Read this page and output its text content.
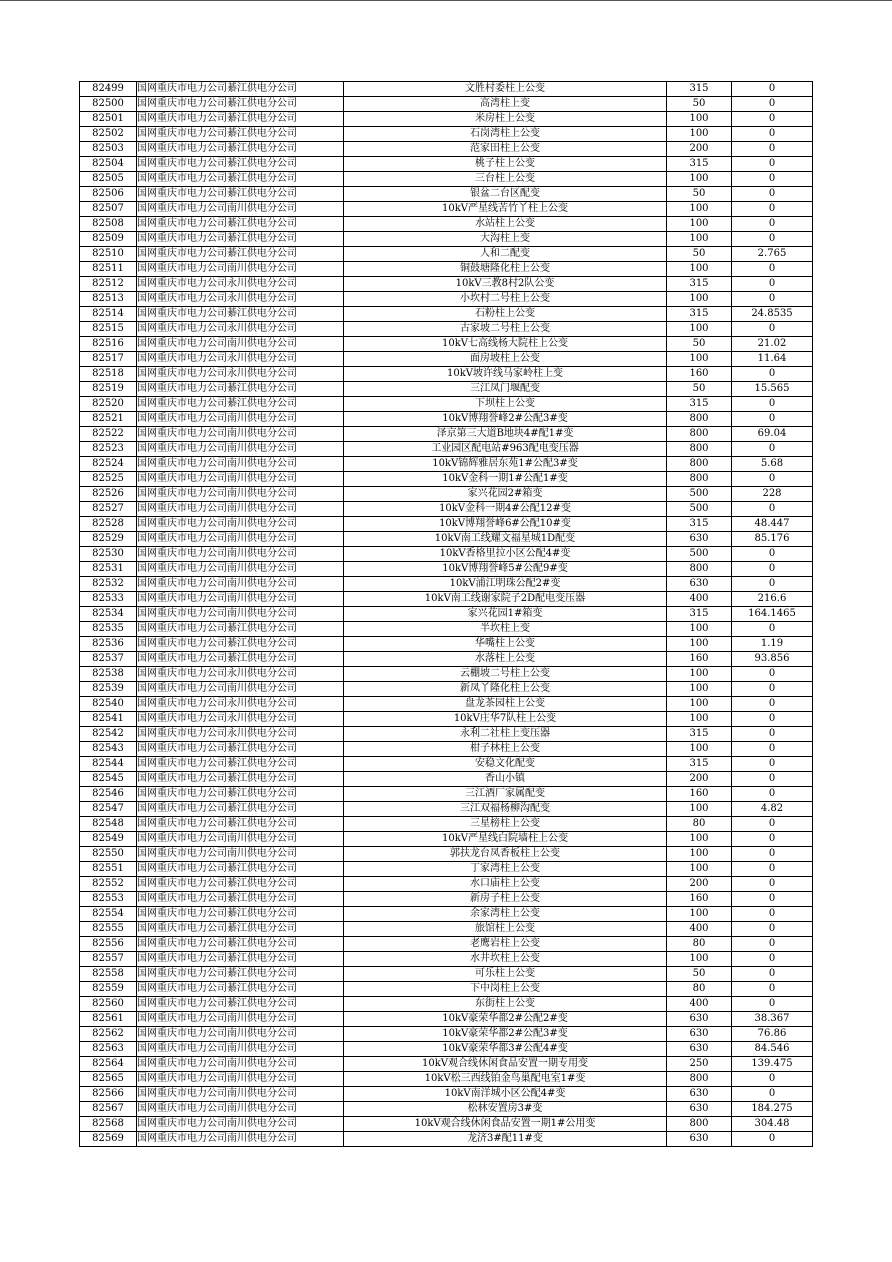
82499	国网重庆市电力公司綦江供电分公司	文胜村委柱上公变	315	0
82500	国网重庆市电力公司綦江供电分公司	高湾柱上变	50	0
82501	国网重庆市电力公司綦江供电分公司	米房柱上公变	100	0
82502	国网重庆市电力公司綦江供电分公司	石岗湾柱上公变	100	0
82503	国网重庆市电力公司綦江供电分公司	范家田柱上公变	200	0
82504	国网重庆市电力公司綦江供电分公司	桃子柱上公变	315	0
82505	国网重庆市电力公司綦江供电分公司	三台柱上公变	100	0
82506	国网重庆市电力公司綦江供电分公司	银盆二台区配变	50	0
82507	国网重庆市电力公司南川供电分公司	10kV严星线苦竹丫柱上公变	100	0
82508	国网重庆市电力公司綦江供电分公司	水站柱上公变	100	0
82509	国网重庆市电力公司綦江供电分公司	大沟柱上变	100	0
82510	国网重庆市电力公司綦江供电分公司	人和二配变	50	2.765
82511	国网重庆市电力公司南川供电分公司	铜鼓塘隆化柱上公变	100	0
82512	国网重庆市电力公司永川供电分公司	10kV三教8村2队公变	315	0
82513	国网重庆市电力公司永川供电分公司	小坎村二号柱上公变	100	0
82514	国网重庆市电力公司綦江供电分公司	石粉柱上公变	315	24.8535
82515	国网重庆市电力公司永川供电分公司	古家坡二号柱上公变	100	0
82516	国网重庆市电力公司南川供电分公司	10kV七高线杨大院柱上公变	50	21.02
82517	国网重庆市电力公司永川供电分公司	面房坡柱上公变	100	11.64
82518	国网重庆市电力公司永川供电分公司	10kV坡许线马家岭柱上变	160	0
82519	国网重庆市电力公司綦江供电分公司	三江凤门堰配变	50	15.565
82520	国网重庆市电力公司綦江供电分公司	下坝柱上公变	315	0
82521	国网重庆市电力公司南川供电分公司	10kV博翔誉峰2#公配3#变	800	0
82522	国网重庆市电力公司南川供电分公司	泽京第三大道B地块4#配1#变	800	69.04
82523	国网重庆市电力公司南川供电分公司	工业园区配电站#963配电变压器	800	0
82524	国网重庆市电力公司南川供电分公司	10kV锦辉雅居东苑1#公配3#变	800	5.68
82525	国网重庆市电力公司南川供电分公司	10kV金科一期1#公配1#变	800	0
82526	国网重庆市电力公司南川供电分公司	家兴花园2#箱变	500	228
82527	国网重庆市电力公司南川供电分公司	10kV金科一期4#公配12#变	500	0
82528	国网重庆市电力公司南川供电分公司	10kV博翔誉峰6#公配10#变	315	48.447
82529	国网重庆市电力公司南川供电分公司	10kV南工线耀文福星城1D配变	630	85.176
82530	国网重庆市电力公司南川供电分公司	10kV香格里拉小区公配4#变	500	0
82531	国网重庆市电力公司南川供电分公司	10kV博翔誉峰5#公配9#变	800	0
82532	国网重庆市电力公司南川供电分公司	10kV浦江明珠公配2#变	630	0
82533	国网重庆市电力公司南川供电分公司	10kV南工线谢家院子2D配电变压器	400	216.6
82534	国网重庆市电力公司南川供电分公司	家兴花园1#箱变	315	164.1465
82535	国网重庆市电力公司綦江供电分公司	半坎柱上变	100	0
82536	国网重庆市电力公司綦江供电分公司	华嘴柱上公变	100	1.19
82537	国网重庆市电力公司綦江供电分公司	水落柱上公变	160	93.856
82538	国网重庆市电力公司永川供电分公司	云棚坡二号柱上公变	100	0
82539	国网重庆市电力公司南川供电分公司	新凤丫隆化柱上公变	100	0
82540	国网重庆市电力公司永川供电分公司	盘龙茶园柱上公变	100	0
82541	国网重庆市电力公司永川供电分公司	10kV庄华7队柱上公变	100	0
82542	国网重庆市电力公司永川供电分公司	永利二社柱上变压器	315	0
82543	国网重庆市电力公司綦江供电分公司	柑子林柱上公变	100	0
82544	国网重庆市电力公司綦江供电分公司	安稳文化配变	315	0
82545	国网重庆市电力公司綦江供电分公司	香山小镇	200	0
82546	国网重庆市电力公司綦江供电分公司	三江酒厂家属配变	160	0
82547	国网重庆市电力公司綦江供电分公司	三江双福杨柳沟配变	100	4.82
82548	国网重庆市电力公司綦江供电分公司	三星榜柱上公变	80	0
82549	国网重庆市电力公司南川供电分公司	10kV严星线白院墙柱上公变	100	0
82550	国网重庆市电力公司南川供电分公司	郭扶龙台凤香板柱上公变	100	0
82551	国网重庆市电力公司綦江供电分公司	丁家湾柱上公变	100	0
82552	国网重庆市电力公司綦江供电分公司	水口庙柱上公变	200	0
82553	国网重庆市电力公司綦江供电分公司	新房子柱上公变	160	0
82554	国网重庆市电力公司綦江供电分公司	余家湾柱上公变	100	0
82555	国网重庆市电力公司綦江供电分公司	旅馆柱上公变	400	0
82556	国网重庆市电力公司綦江供电分公司	老鹰岩柱上公变	80	0
82557	国网重庆市电力公司綦江供电分公司	水井坎柱上公变	100	0
82558	国网重庆市电力公司綦江供电分公司	可乐柱上公变	50	0
82559	国网重庆市电力公司綦江供电分公司	下中岗柱上公变	80	0
82560	国网重庆市电力公司綦江供电分公司	东街柱上公变	400	0
82561	国网重庆市电力公司南川供电分公司	10kV豪荣华都2#公配2#变	630	38.367
82562	国网重庆市电力公司南川供电分公司	10kV豪荣华都2#公配3#变	630	76.86
82563	国网重庆市电力公司南川供电分公司	10kV豪荣华都3#公配4#变	630	84.546
82564	国网重庆市电力公司南川供电分公司	10kV观合线休闲食品安置一期专用变	250	139.475
82565	国网重庆市电力公司南川供电分公司	10kV松三西线铂金鸟巢配电室1#变	800	0
82566	国网重庆市电力公司南川供电分公司	10kV南洋城小区公配4#变	630	0
82567	国网重庆市电力公司南川供电分公司	松林安置房3#变	630	184.275
82568	国网重庆市电力公司南川供电分公司	10kV观合线休闲食品安置一期1#公用变	800	304.48
82569	国网重庆市电力公司南川供电分公司	龙济3#配11#变	630	0
